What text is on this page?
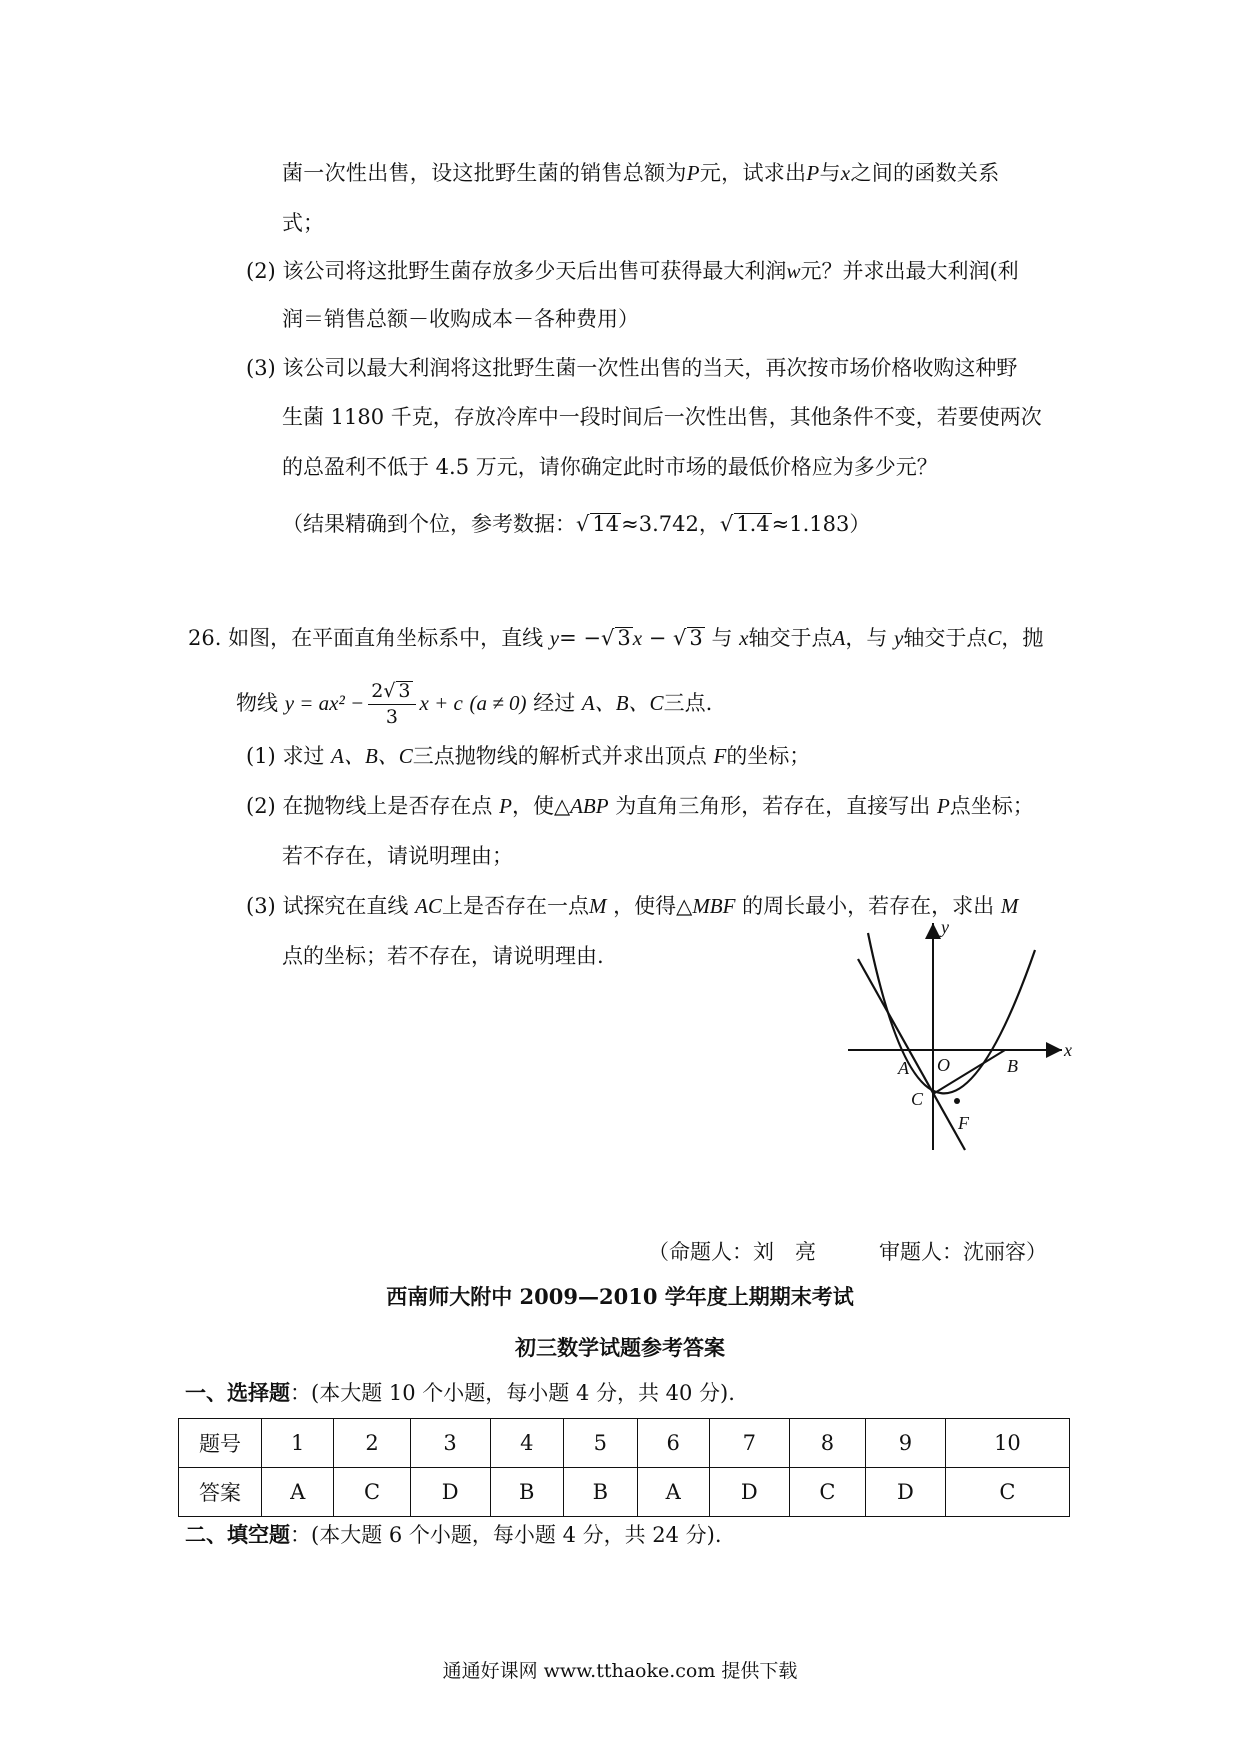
菌一次性出售，设这批野生菌的销售总额为P元，试求出P与x之间的函数关系
式；
(2) 该公司将这批野生菌存放多少天后出售可获得最大利润w元？并求出最大利润(利
润＝销售总额－收购成本－各种费用）
(3) 该公司以最大利润将这批野生菌一次性出售的当天，再次按市场价格收购这种野
生菌 1180 千克，存放冷库中一段时间后一次性出售，其他条件不变，若要使两次
的总盈利不低于 4.5 万元，请你确定此时市场的最低价格应为多少元？
（结果精确到个位，参考数据：√ 14≈3.742，√ 1.4≈1.183）
26. 如图，在平面直角坐标系中，直线 y= −√ 3x − √ 3 与 x轴交于点A，与 y轴交于点C，抛
物线 $y = ax^2 - \frac{2√ 3}{3}$ x + c (a ≠ 0) 经过 A、B、C三点.
(1) 求过 A、B、C三点抛物线的解析式并求出顶点 F的坐标；
(2) 在抛物线上是否存在点 P，使△ABP 为直角三角形，若存在，直接写出 P点坐标；
若不存在，请说明理由；
(3) 试探究在直线 AC上是否存在一点M ，使得△MBF 的周长最小，若存在，求出 M
点的坐标；若不存在，请说明理由.
y
x
O
A	B
C
F
（命题人：刘　亮　　　审题人：沈丽容）
西南师大附中 2009—2010 学年度上期期末考试
初三数学试题参考答案
一、选择题：(本大题 10 个小题，每小题 4 分，共 40 分).
题号	1	2	3	4	5	6	7	8	9	10
答案	A	C	D	B	B	A	D	C	D	C
二、填空题：(本大题 6 个小题，每小题 4 分，共 24 分).
通通好课网 www.tthaoke.com 提供下载
